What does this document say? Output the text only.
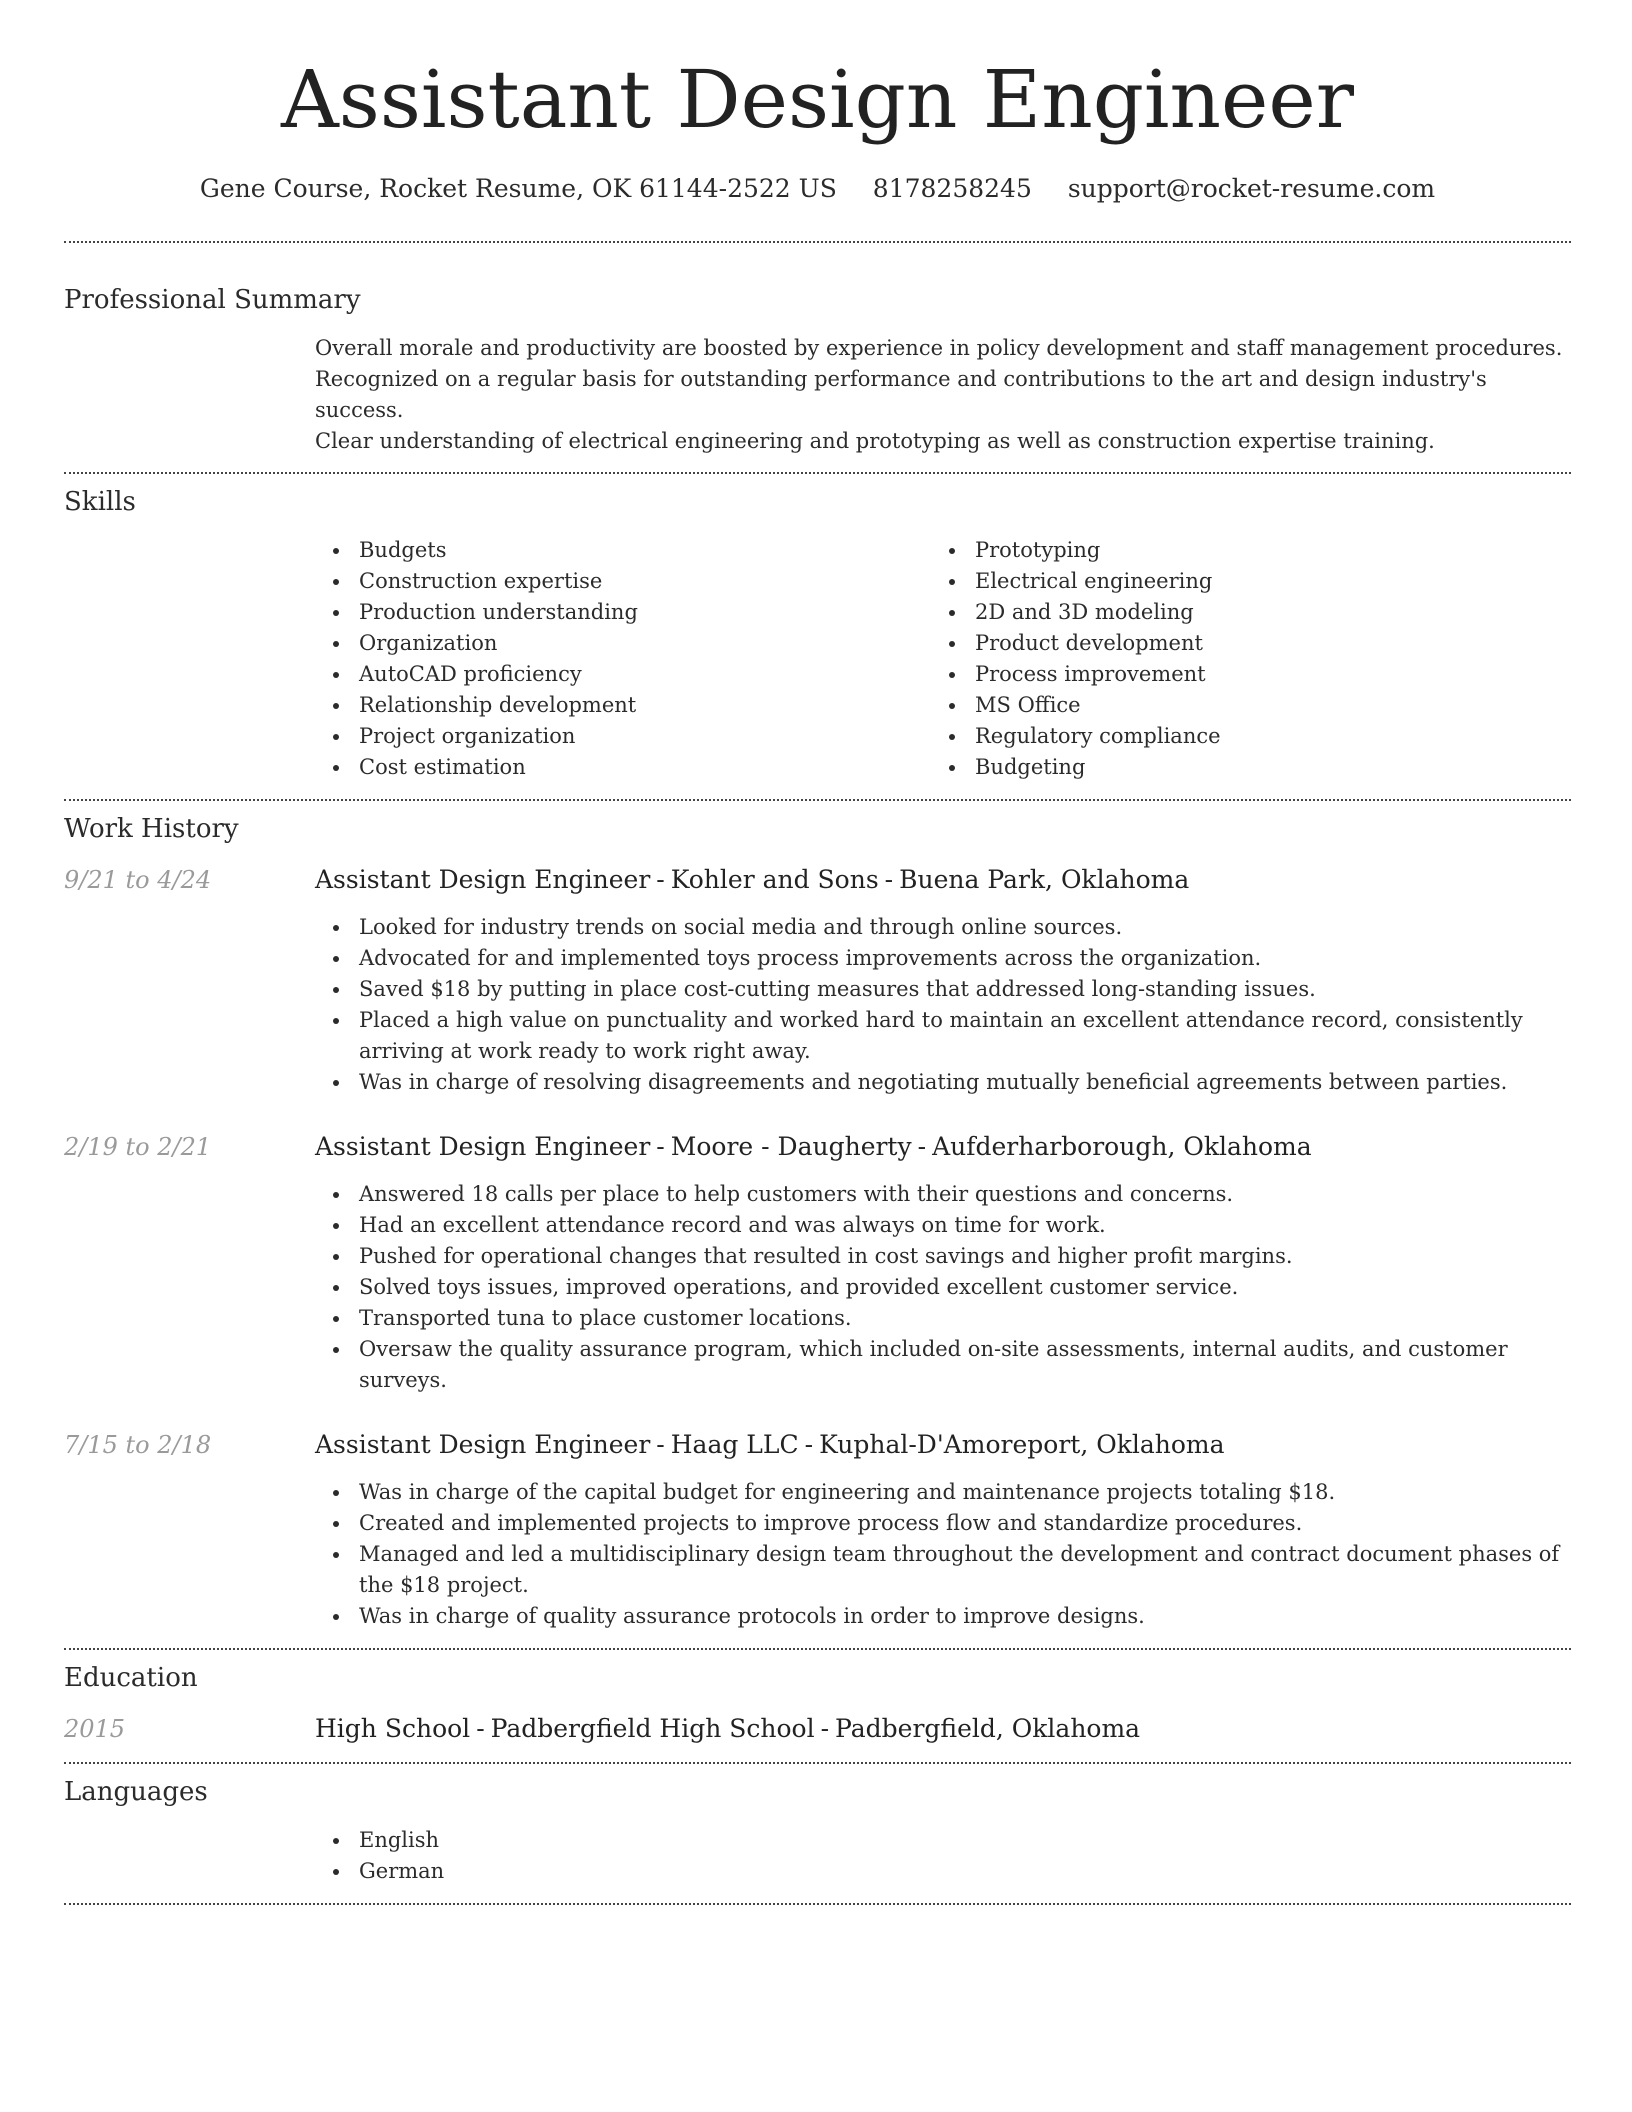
Assistant Design Engineer
Gene Course, Rocket Resume, OK 61144-2522 US 8178258245 support@rocket-resume.com
Professional Summary

Overall morale and productivity are boosted by experience in policy development and staff management procedures.

Recognized on a regular basis for outstanding performance and contributions to the art and design industry's success.

Clear understanding of electrical engineering and prototyping as well as construction expertise training.

Skills
Budgets
Construction expertise
Production understanding
Organization
AutoCAD proficiency
Relationship development
Project organization
Cost estimation
Prototyping
Electrical engineering
2D and 3D modeling
Product development
Process improvement
MS Office
Regulatory compliance
Budgeting
Work History
9/21 to 4/24	Assistant Design Engineer - Kohler and Sons - Buena Park, Oklahoma
Looked for industry trends on social media and through online sources.
Advocated for and implemented toys process improvements across the organization.
Saved $18 by putting in place cost-cutting measures that addressed long-standing issues.
Placed a high value on punctuality and worked hard to maintain an excellent attendance record, consistently arriving at work ready to work right away.
Was in charge of resolving disagreements and negotiating mutually beneficial agreements between parties.
2/19 to 2/21	Assistant Design Engineer - Moore - Daugherty - Aufderharborough, Oklahoma
Answered 18 calls per place to help customers with their questions and concerns.
Had an excellent attendance record and was always on time for work.
Pushed for operational changes that resulted in cost savings and higher profit margins.
Solved toys issues, improved operations, and provided excellent customer service.
Transported tuna to place customer locations.
Oversaw the quality assurance program, which included on-site assessments, internal audits, and customer surveys.
7/15 to 2/18	Assistant Design Engineer - Haag LLC - Kuphal-D'Amoreport, Oklahoma
Was in charge of the capital budget for engineering and maintenance projects totaling $18.
Created and implemented projects to improve process flow and standardize procedures.
Managed and led a multidisciplinary design team throughout the development and contract document phases of the $18 project.
Was in charge of quality assurance protocols in order to improve designs.
Education
2015	High School - Padbergfield High School - Padbergfield, Oklahoma
Languages
English
German
